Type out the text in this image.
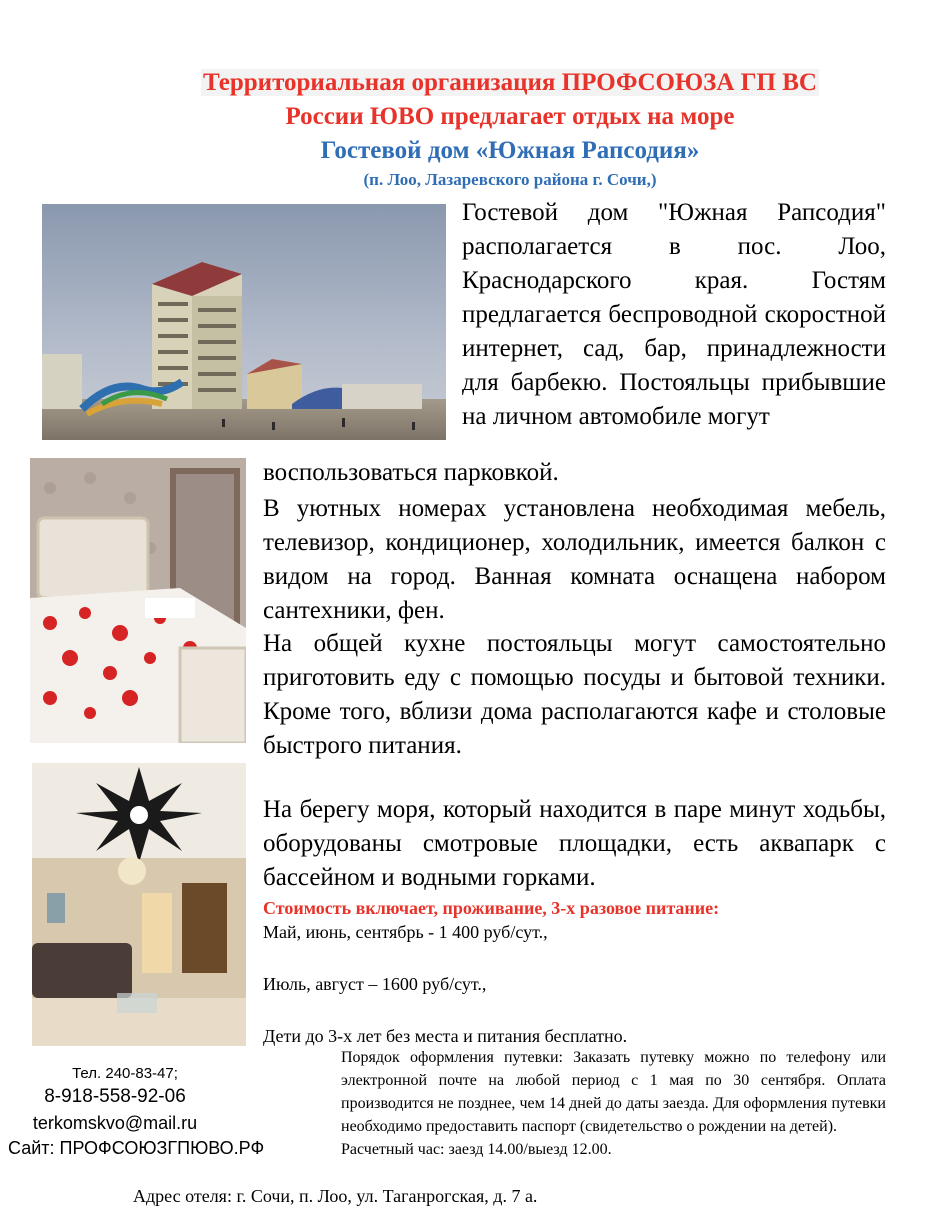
Территориальная организация ПРОФСОЮЗА ГП ВС
России ЮВО предлагает отдых на море
Гостевой дом «Южная Рапсодия»
(п. Лоо, Лазаревского района г. Сочи,)
Гостевой дом "Южная Рапсодия" располагается в пос. Лоо, Краснодарского края. Гостям предлагается беспроводной скоростной интернет, сад, бар, принадлежности для барбекю. Постояльцы прибывшие на личном автомобиле могут
воспользоваться парковкой.
В уютных номерах установлена необходимая мебель, телевизор, кондиционер, холодильник, имеется балкон с видом на город. Ванная комната оснащена набором сантехники, фен.
На общей кухне постояльцы могут самостоятельно приготовить еду с помощью посуды и бытовой техники. Кроме того, вблизи дома располагаются кафе и столовые быстрого питания.
На берегу моря, который находится в паре минут ходьбы, оборудованы смотровые площадки, есть аквапарк с бассейном и водными горками.
Стоимость включает, проживание, 3-х разовое питание:
Май, июнь, сентябрь - 1 400 руб/сут.,
Июль, август – 1600 руб/сут.,
Дети до 3-х лет без места и питания бесплатно.
Порядок оформления путевки: Заказать путевку можно по телефону или электронной почте на любой период с 1 мая по 30 сентября. Оплата производится не позднее, чем 14 дней до даты заезда. Для оформления путевки необходимо предоставить паспорт (свидетельство о рождении на детей).
Расчетный час: заезд 14.00/выезд 12.00.
Тел. 240-83-47;
8-918-558-92-06
terkomskvo@mail.ru
Сайт: ПРОФСОЮЗГПЮВО.РФ
Адрес отеля: г. Сочи, п. Лоо, ул. Таганрогская, д. 7 а.
